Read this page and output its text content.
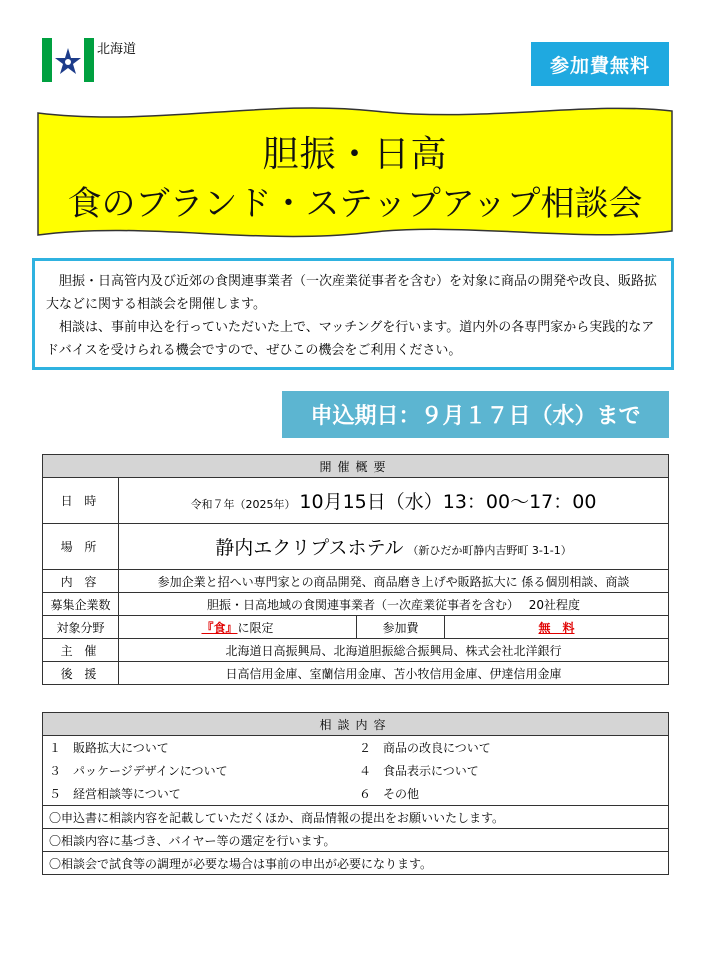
北海道
参加費無料
胆振・日高
食のブランド・ステップアップ相談会

胆振・日高管内及び近郊の食関連事業者（一次産業従事者を含む）を対象に商品の開発や改良、販路拡大などに関する相談会を開催します。

相談は、事前申込を行っていただいた上で、マッチングを行います。道内外の各専門家から実践的なアドバイスを受けられる機会ですので、ぜひこの機会をご利用ください。

申込期日：９月１７日（水）まで
開催概要			
日 時	令和７年（2025年） 10月15日（水）13：00～17：00		
場 所	静内エクリプスホテル （新ひだか町静内吉野町 3-1-1）		
内 容	参加企業と招へい専門家との商品開発、商品磨き上げや販路拡大に 係る個別相談、商談		
募集企業数	胆振・日高地域の食関連事業者（一次産業従事者を含む）　 20社程度		
対象分野	『食』に限定	参加費	無　料
主 催	北海道日高振興局、北海道胆振総合振興局、株式会社北洋銀行		
後 援	日高信用金庫、室蘭信用金庫、苫小牧信用金庫、伊達信用金庫		
相談内容

１　販路拡大について	２　商品の改良について
３　パッケージデザインについて	４　食品表示について
５　経営相談等について	６　その他

〇申込書に相談内容を記載していただくほか、商品情報の提出をお願いいたします。
〇相談内容に基づき、バイヤー等の選定を行います。
〇相談会で試食等の調理が必要な場合は事前の申出が必要になります。
